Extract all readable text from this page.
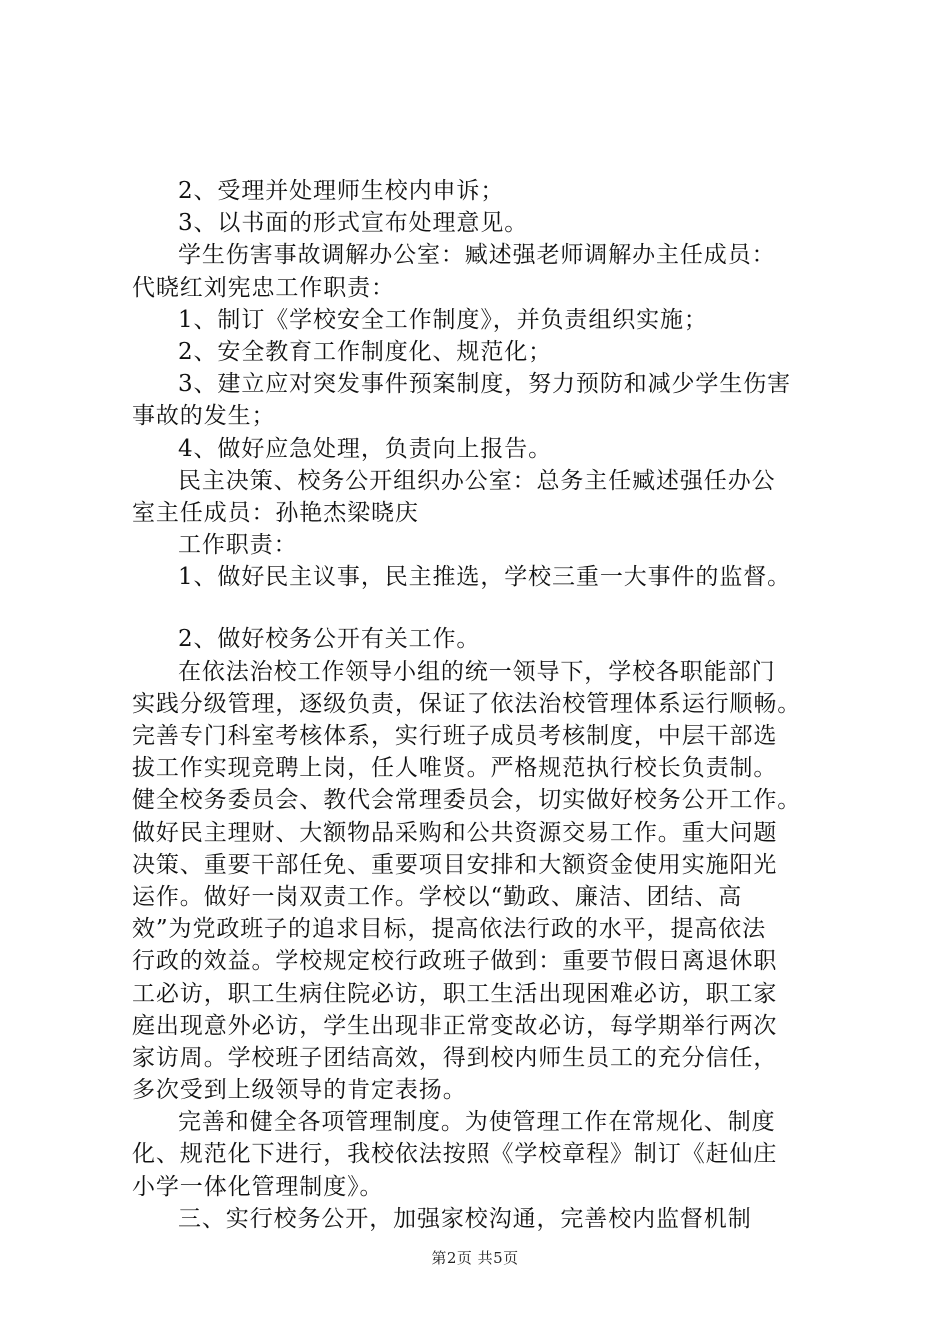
2、受理并处理师生校内申诉；
3、以书面的形式宣布处理意见。
学生伤害事故调解办公室：臧述强老师调解办主任成员：
代晓红刘宪忠工作职责：
1、制订《学校安全工作制度》，并负责组织实施；
2、安全教育工作制度化、规范化；
3、建立应对突发事件预案制度，努力预防和减少学生伤害
事故的发生；
4、做好应急处理，负责向上报告。
民主决策、校务公开组织办公室：总务主任臧述强任办公
室主任成员：孙艳杰梁晓庆
工作职责：
1、做好民主议事，民主推选，学校三重一大事件的监督。
2、做好校务公开有关工作。
在依法治校工作领导小组的统一领导下，学校各职能部门
实践分级管理，逐级负责，保证了依法治校管理体系运行顺畅。
完善专门科室考核体系，实行班子成员考核制度，中层干部选
拔工作实现竞聘上岗，任人唯贤。严格规范执行校长负责制。
健全校务委员会、教代会常理委员会，切实做好校务公开工作。
做好民主理财、大额物品采购和公共资源交易工作。重大问题
决策、重要干部任免、重要项目安排和大额资金使用实施阳光
运作。做好一岗双责工作。学校以“勤政、廉洁、团结、高
效”为党政班子的追求目标，提高依法行政的水平，提高依法
行政的效益。学校规定校行政班子做到：重要节假日离退休职
工必访，职工生病住院必访，职工生活出现困难必访，职工家
庭出现意外必访，学生出现非正常变故必访，每学期举行两次
家访周。学校班子团结高效，得到校内师生员工的充分信任，
多次受到上级领导的肯定表扬。
完善和健全各项管理制度。为使管理工作在常规化、制度
化、规范化下进行，我校依法按照《学校章程》制订《赶仙庄
小学一体化管理制度》。
三、实行校务公开，加强家校沟通，完善校内监督机制
第2页 共5页
